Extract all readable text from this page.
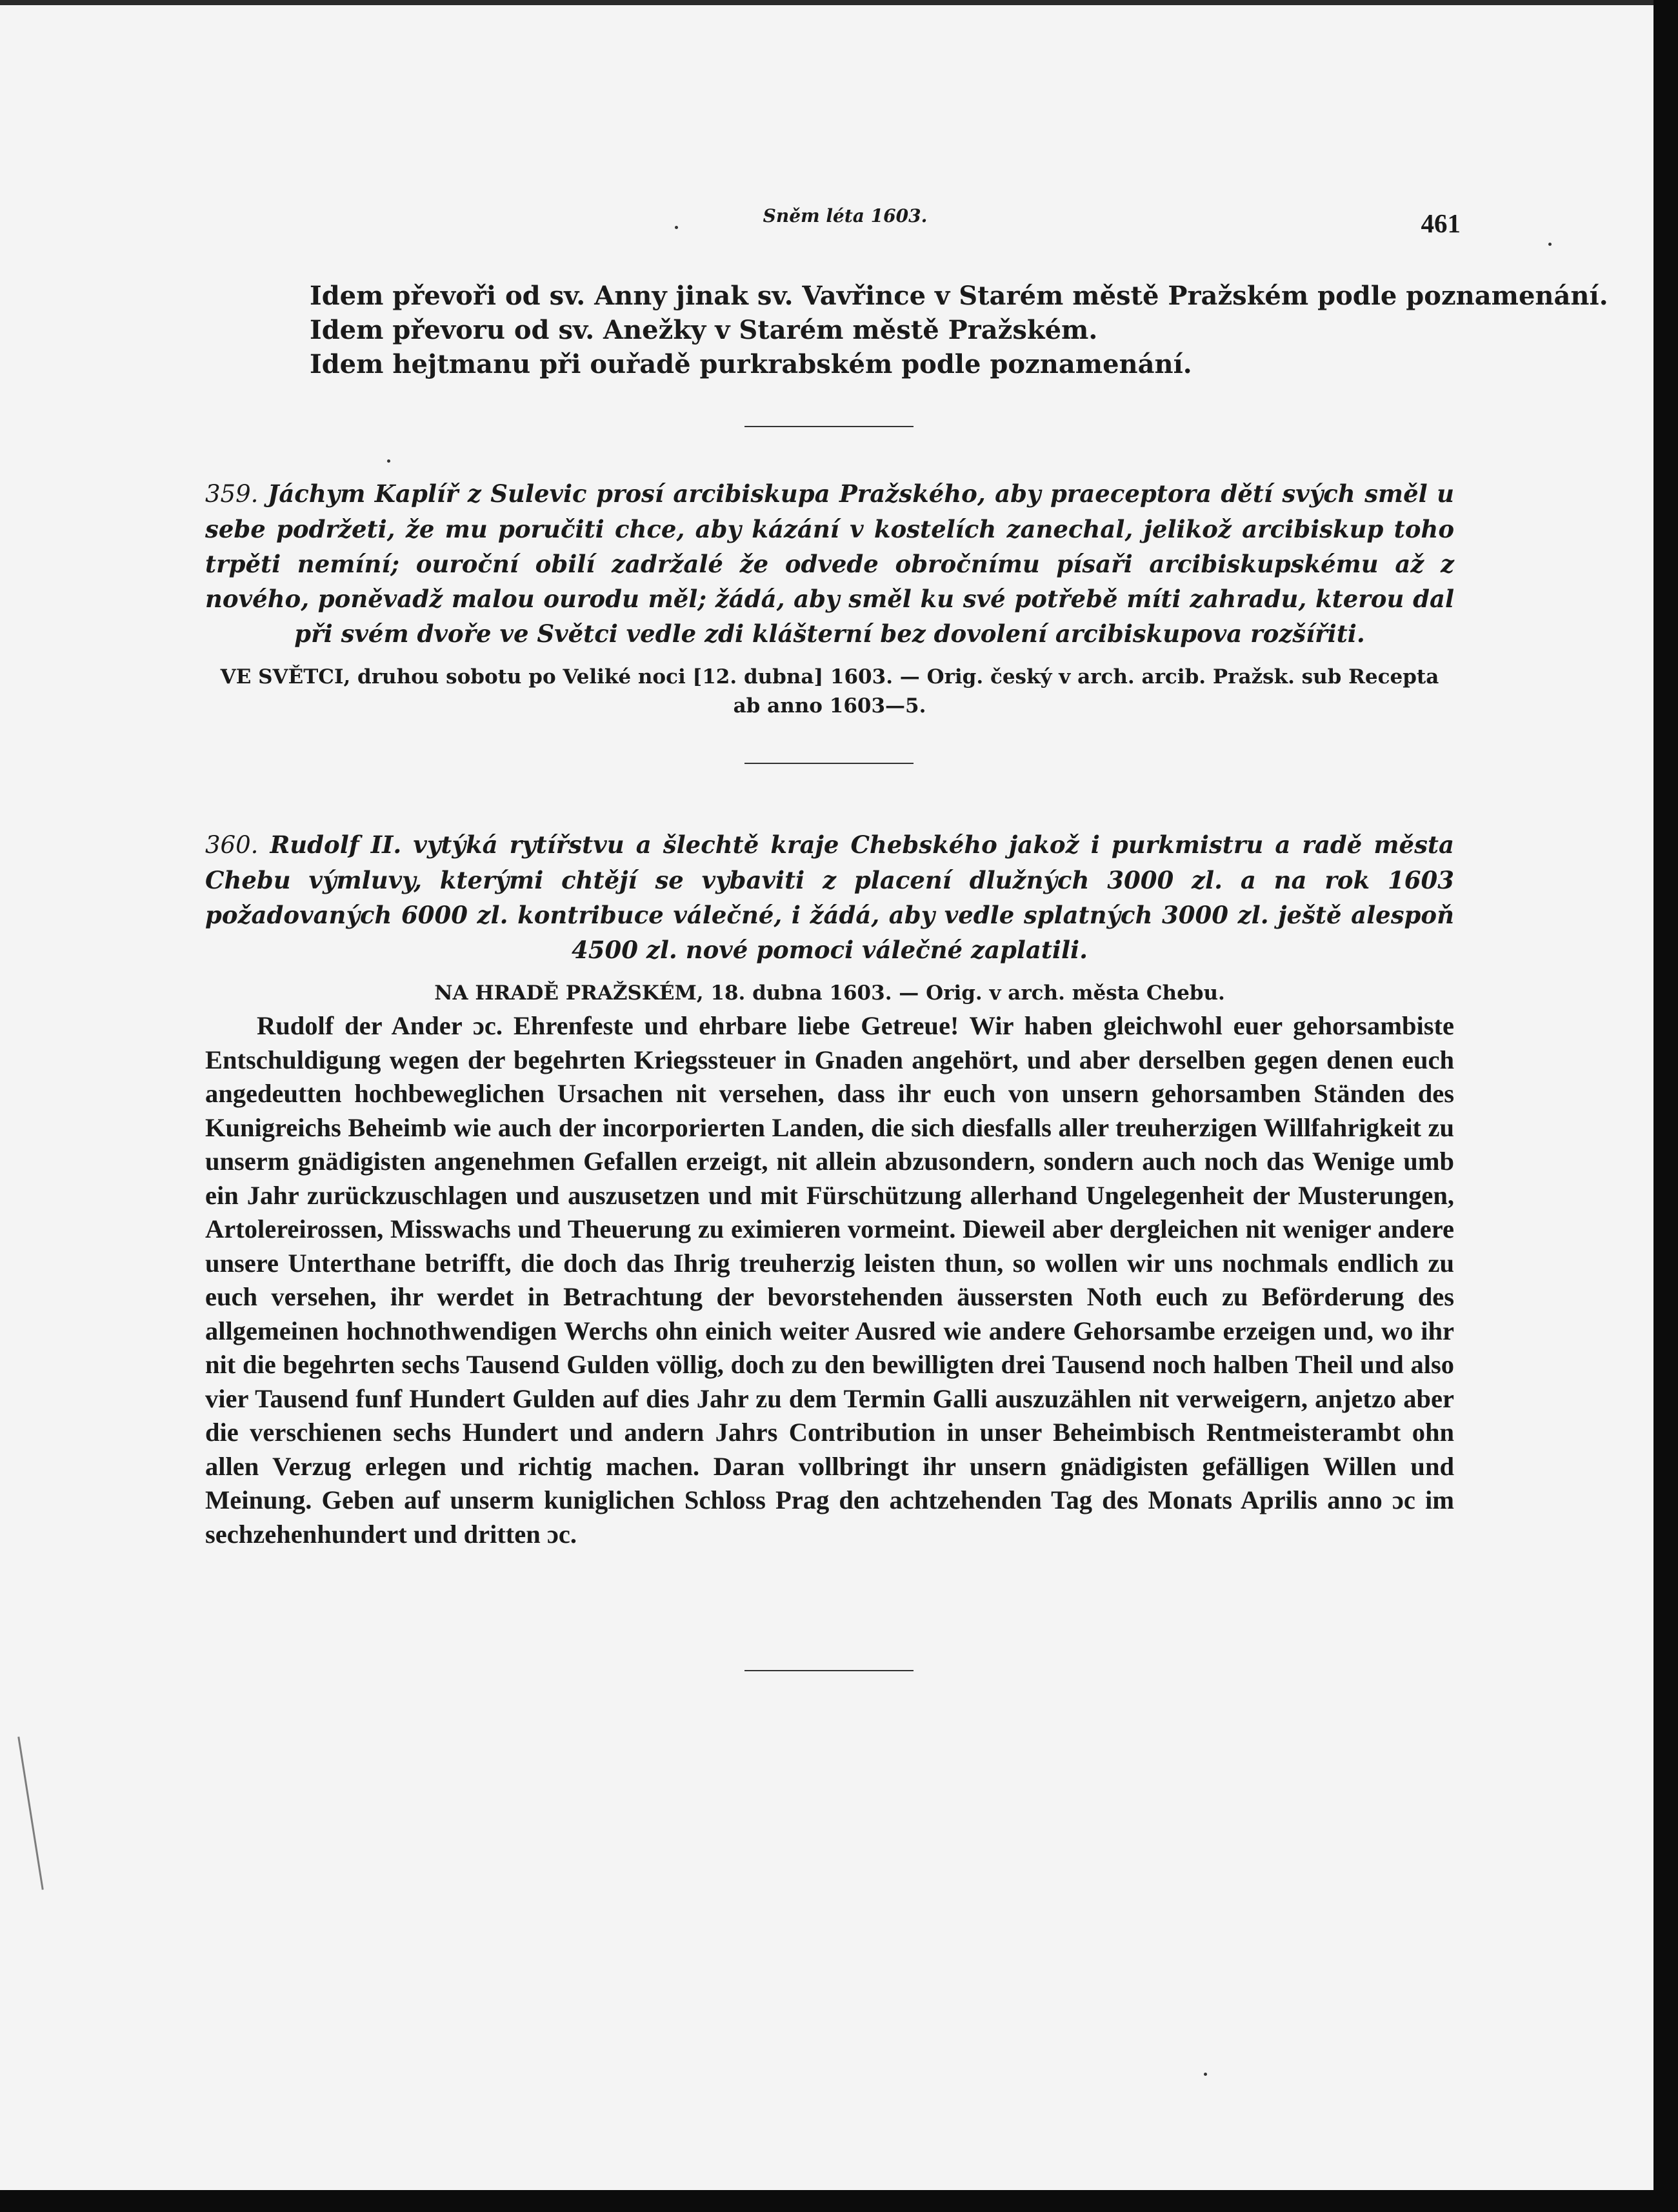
Sněm léta 1603.	461
Idem převoři od sv. Anny jinak sv. Vavřince v Starém městě Pražském podle poznamenání.
Idem převoru od sv. Anežky v Starém městě Pražském.
Idem hejtmanu při ouřadě purkrabském podle poznamenání.
359. Jáchym Kaplíř z Sulevic prosí arcibiskupa Pražského, aby praeceptora dětí svých směl u sebe podržeti, že mu poručiti chce, aby kázání v kostelích zanechal, jelikož arcibiskup toho trpěti nemíní; ouroční obilí zadržalé že odvede obročnímu písaři arcibiskupskému až z nového, poněvadž malou ourodu měl; žádá, aby směl ku své potřebě míti zahradu, kterou dal při svém dvoře ve Světci vedle zdi klášterní bez dovolení arcibiskupova rozšířiti.
VE SVĚTCI, druhou sobotu po Veliké noci [12. dubna] 1603. — Orig. český v arch. arcib. Pražsk. sub Recepta ab anno 1603—5.
360. Rudolf II. vytýká rytířstvu a šlechtě kraje Chebského jakož i purkmistru a radě města Chebu výmluvy, kterými chtějí se vybaviti z placení dlužných 3000 zl. a na rok 1603 požadovaných 6000 zl. kontribuce válečné, i žádá, aby vedle splatných 3000 zl. ještě alespoň 4500 zl. nové pomoci válečné zaplatili.
NA HRADĚ PRAŽSKÉM, 18. dubna 1603. — Orig. v arch. města Chebu.
Rudolf der Ander ɔc. Ehrenfeste und ehrbare liebe Getreue! Wir haben gleichwohl euer gehorsambiste Entschuldigung wegen der begehrten Kriegssteuer in Gnaden angehört, und aber derselben gegen denen euch angedeutten hochbeweglichen Ursachen nit versehen, dass ihr euch von unsern gehorsamben Ständen des Kunigreichs Beheimb wie auch der incorporierten Landen, die sich diesfalls aller treuherzigen Willfahrigkeit zu unserm gnädigisten angenehmen Gefallen erzeigt, nit allein abzusondern, sondern auch noch das Wenige umb ein Jahr zurückzuschlagen und auszusetzen und mit Fürschützung allerhand Ungelegenheit der Musterungen, Artolereirossen, Misswachs und Theuerung zu eximieren vormeint. Dieweil aber dergleichen nit weniger andere unsere Unterthane betrifft, die doch das Ihrig treuherzig leisten thun, so wollen wir uns nochmals endlich zu euch versehen, ihr werdet in Betrachtung der bevorstehenden äussersten Noth euch zu Beförderung des allgemeinen hochnothwendigen Werchs ohn einich weiter Ausred wie andere Gehorsambe erzeigen und, wo ihr nit die begehrten sechs Tausend Gulden völlig, doch zu den bewilligten drei Tausend noch halben Theil und also vier Tausend funf Hundert Gulden auf dies Jahr zu dem Termin Galli auszuzählen nit verweigern, anjetzo aber die verschienen sechs Hundert und andern Jahrs Contribution in unser Beheimbisch Rentmeisterambt ohn allen Verzug erlegen und richtig machen. Daran vollbringt ihr unsern gnädigisten gefälligen Willen und Meinung. Geben auf unserm kuniglichen Schloss Prag den achtzehenden Tag des Monats Aprilis anno ɔc im sechzehenhundert und dritten ɔc.
